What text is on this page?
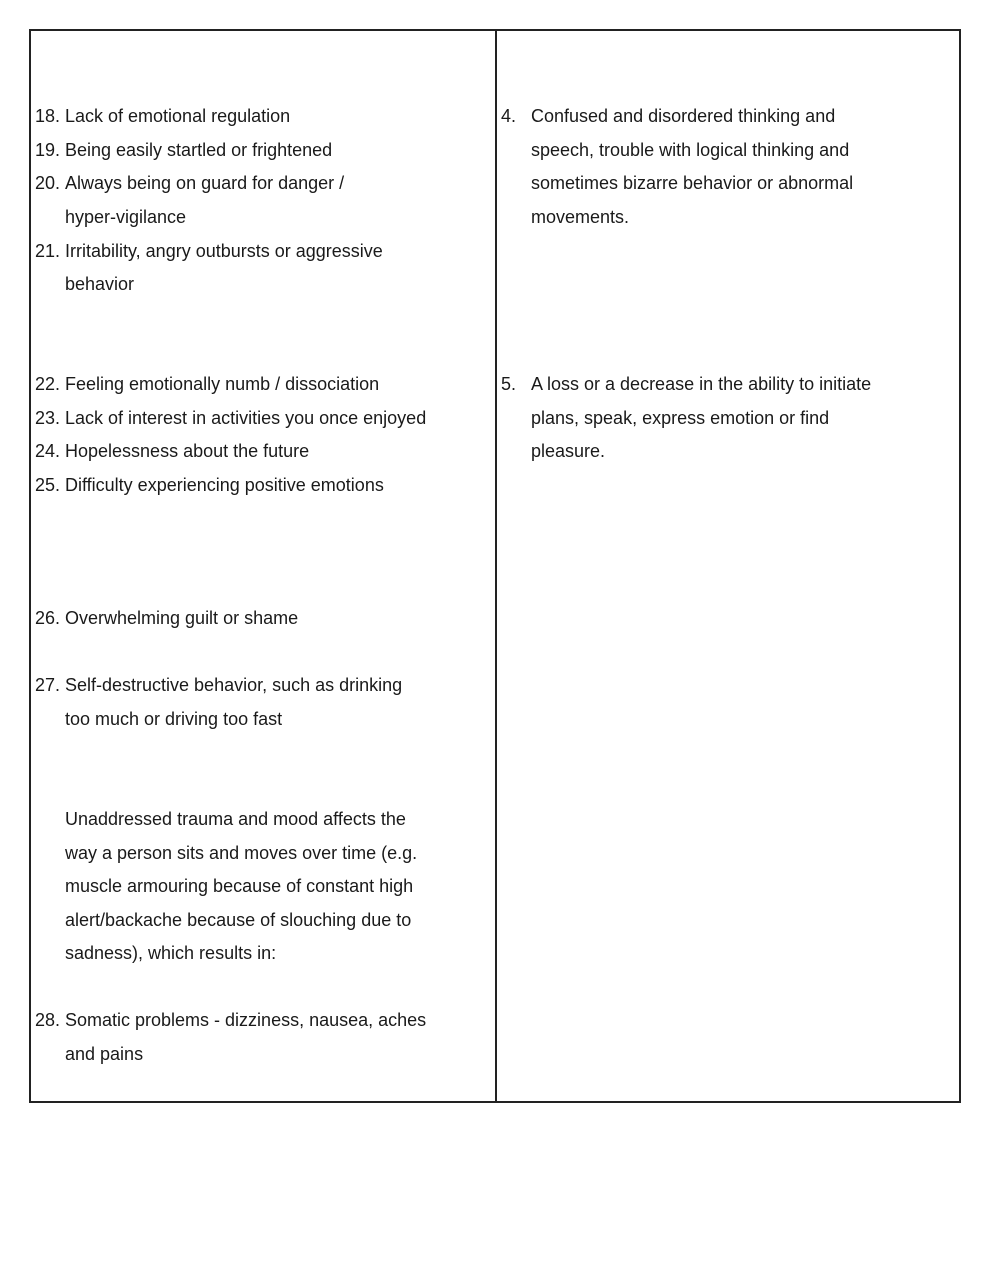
18. Lack of emotional regulation
19. Being easily startled or frightened
20. Always being on guard for danger /
hyper-vigilance
21. Irritability, angry outbursts or aggressive
behavior
22. Feeling emotionally numb / dissociation
23. Lack of interest in activities you once enjoyed
24. Hopelessness about the future
25. Difficulty experiencing positive emotions
26. Overwhelming guilt or shame
27. Self-destructive behavior, such as drinking
too much or driving too fast
Unaddressed trauma and mood affects the
way a person sits and moves over time (e.g.
muscle armouring because of constant high
alert/backache because of slouching due to
sadness), which results in:
28. Somatic problems - dizziness, nausea, aches
and pains
4. Confused and disordered thinking and
speech, trouble with logical thinking and
sometimes bizarre behavior or abnormal
movements.
5. A loss or a decrease in the ability to initiate
plans, speak, express emotion or find
pleasure.
